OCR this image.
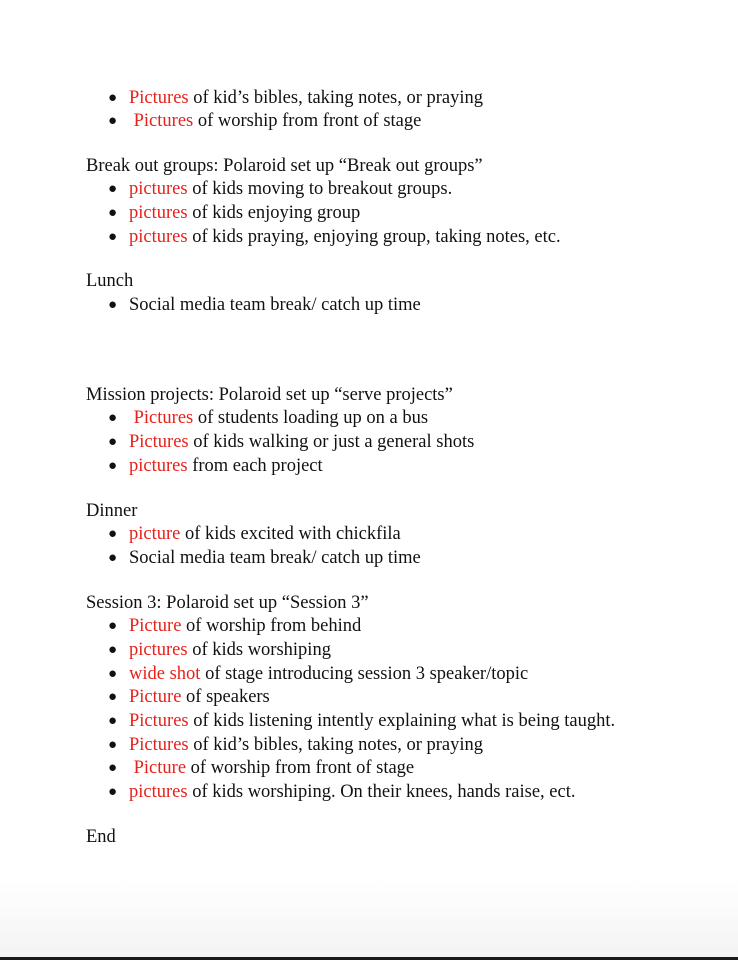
● Pictures of kid’s bibles, taking notes, or praying
● Pictures of worship from front of stage
Break out groups: Polaroid set up “Break out groups”
● pictures of kids moving to breakout groups.
● pictures of kids enjoying group
● pictures of kids praying, enjoying group, taking notes, etc.
Lunch
● Social media team break/ catch up time
Mission projects: Polaroid set up “serve projects”
● Pictures of students loading up on a bus
● Pictures of kids walking or just a general shots
● pictures from each project
Dinner
● picture of kids excited with chickfila
● Social media team break/ catch up time
Session 3: Polaroid set up “Session 3”
● Picture of worship from behind
● pictures of kids worshiping
● wide shot of stage introducing session 3 speaker/topic
● Picture of speakers
● Pictures of kids listening intently explaining what is being taught.
● Pictures of kid’s bibles, taking notes, or praying
● Picture of worship from front of stage
● pictures of kids worshiping. On their knees, hands raise, ect.
End
